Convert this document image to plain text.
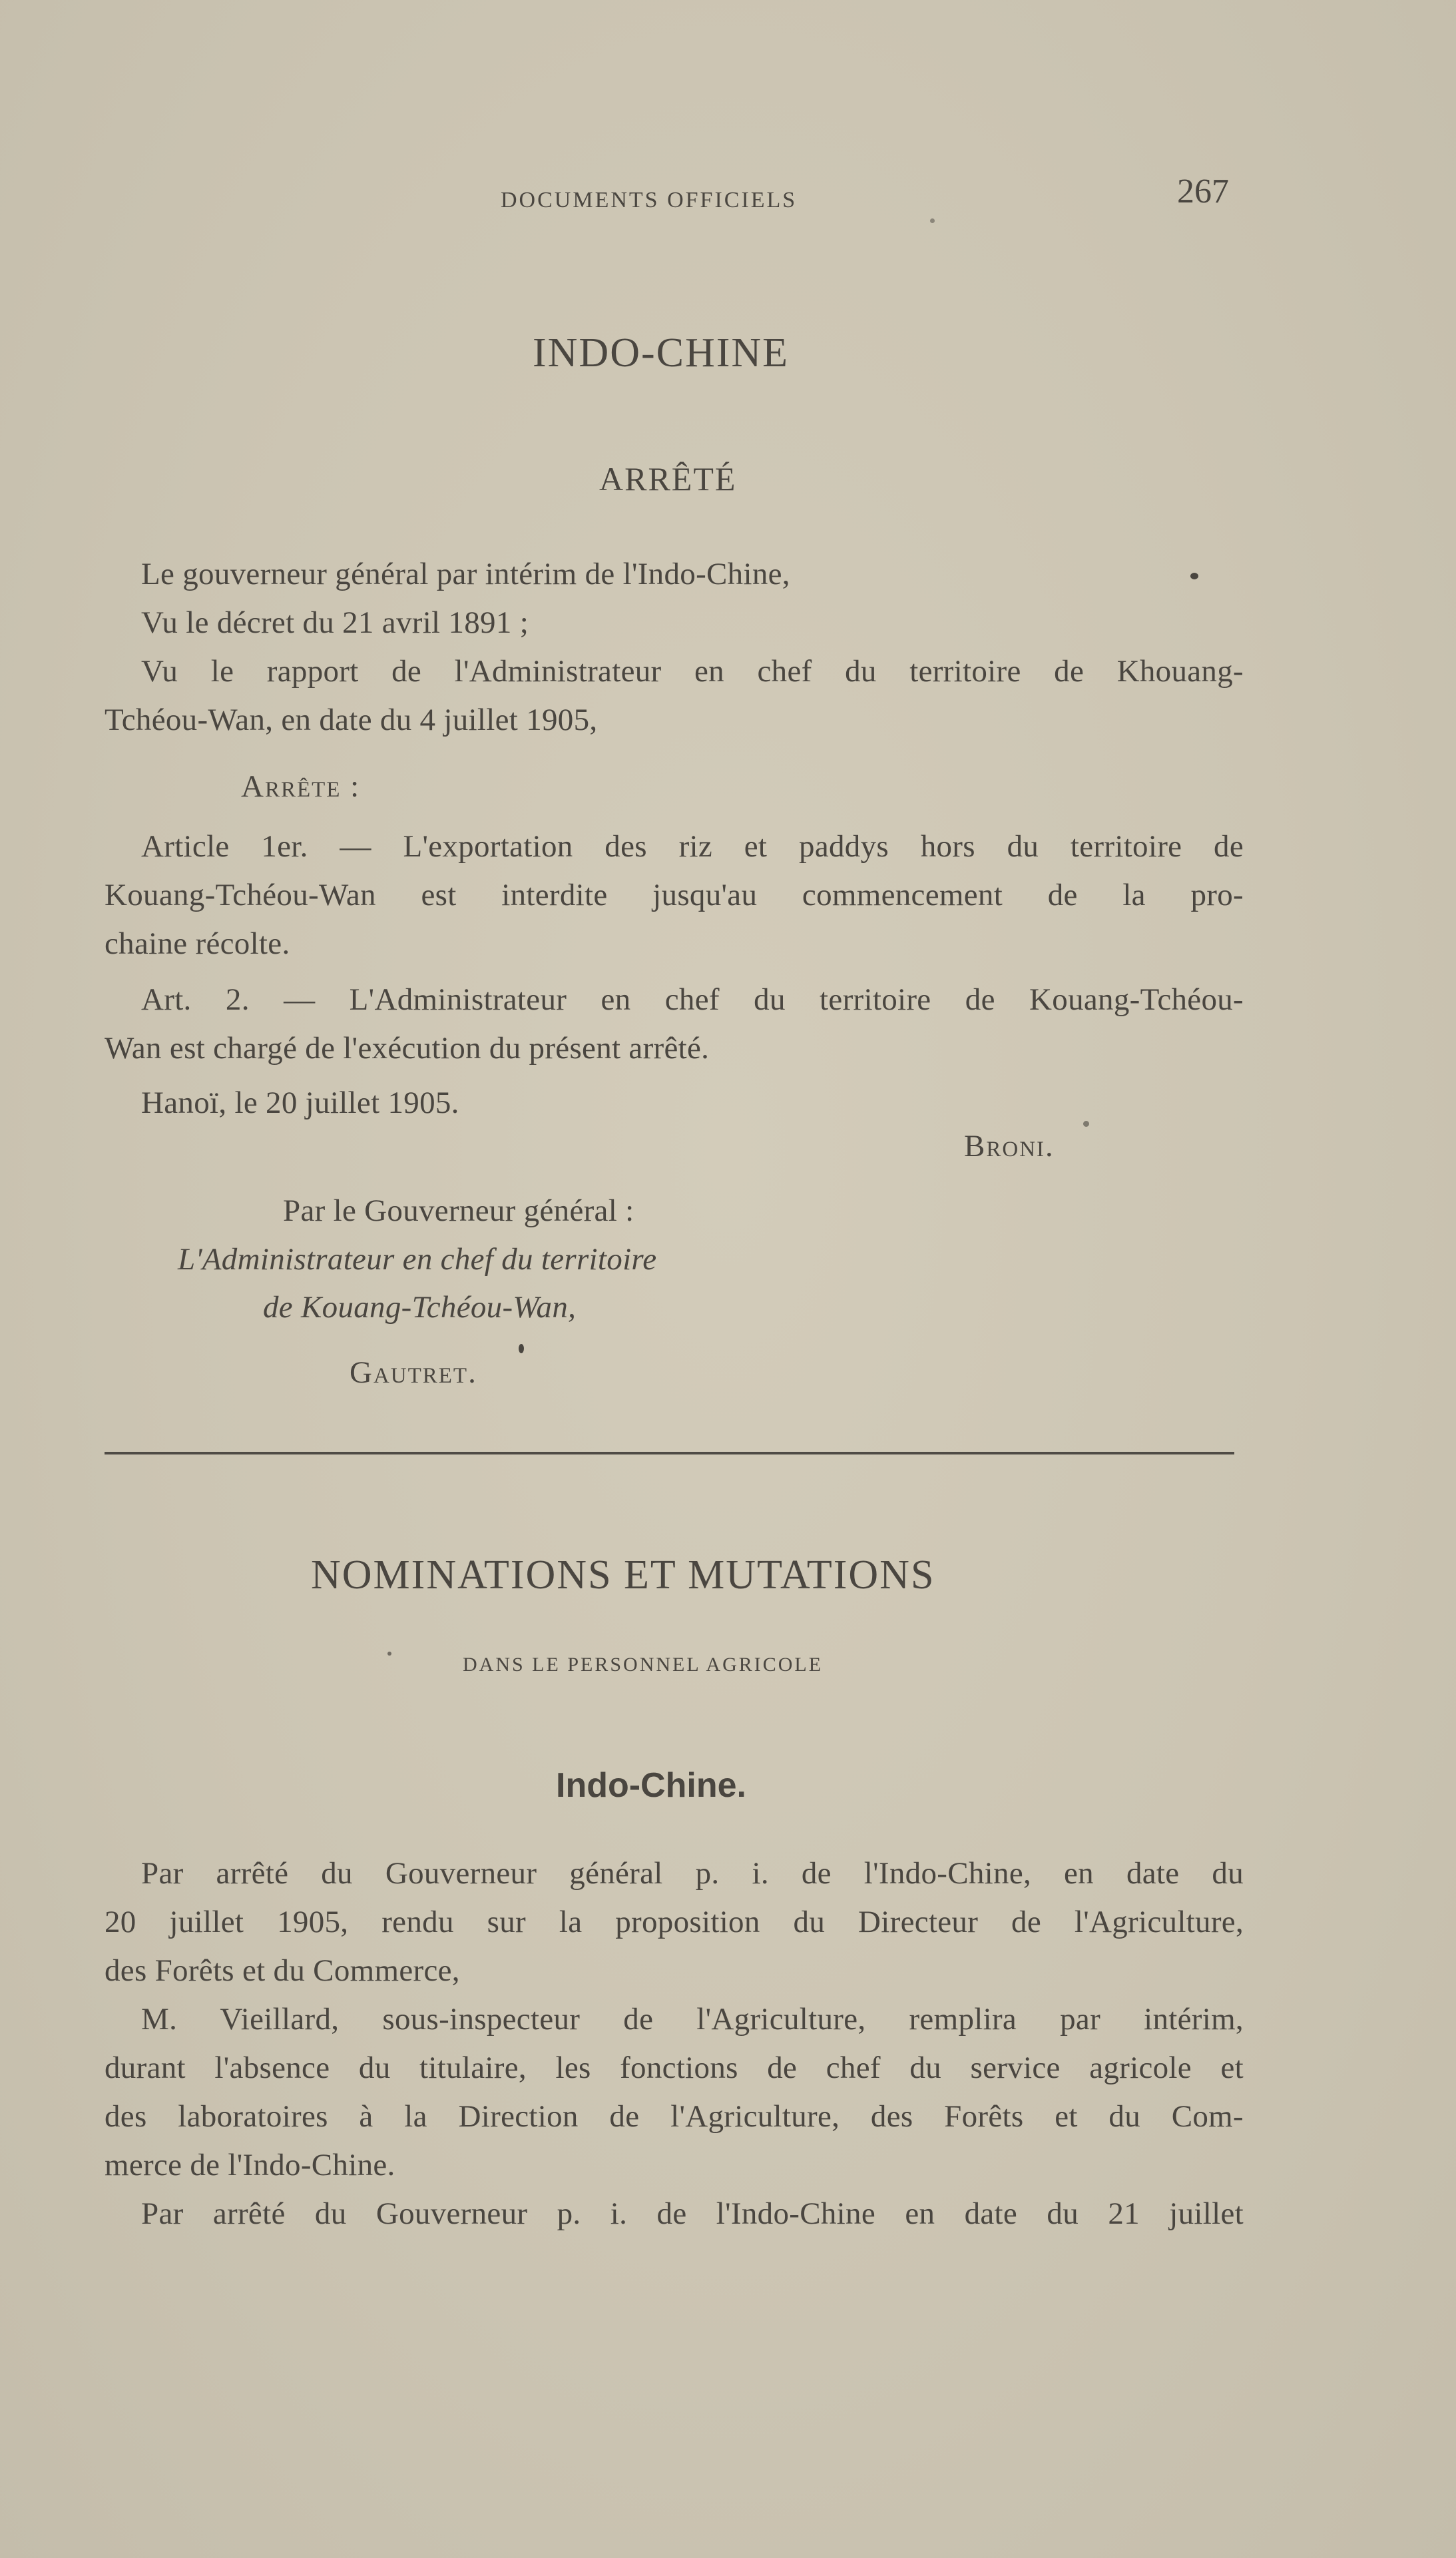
DOCUMENTS OFFICIELS	267
INDO-CHINE
ARRÊTÉ
Le gouverneur général par intérim de l'Indo-Chine,
Vu le décret du 21 avril 1891 ;
Vu le rapport de l'Administrateur en chef du territoire de Khouang-
Tchéou-Wan, en date du 4 juillet 1905,
Arrête :
Article 1er. — L'exportation des riz et paddys hors du territoire de
Kouang-Tchéou-Wan est interdite jusqu'au commencement de la pro-
chaine récolte.
Art. 2. — L'Administrateur en chef du territoire de Kouang-Tchéou-
Wan est chargé de l'exécution du présent arrêté.
Hanoï, le 20 juillet 1905.
Broni.
Par le Gouverneur général :
L'Administrateur en chef du territoire
de Kouang-Tchéou-Wan,
Gautret.
NOMINATIONS ET MUTATIONS
DANS LE PERSONNEL AGRICOLE
Indo-Chine.
Par arrêté du Gouverneur général p. i. de l'Indo-Chine, en date du
20 juillet 1905, rendu sur la proposition du Directeur de l'Agriculture,
des Forêts et du Commerce,
M. Vieillard, sous-inspecteur de l'Agriculture, remplira par intérim,
durant l'absence du titulaire, les fonctions de chef du service agricole et
des laboratoires à la Direction de l'Agriculture, des Forêts et du Com-
merce de l'Indo-Chine.
Par arrêté du Gouverneur p. i. de l'Indo-Chine en date du 21 juillet
